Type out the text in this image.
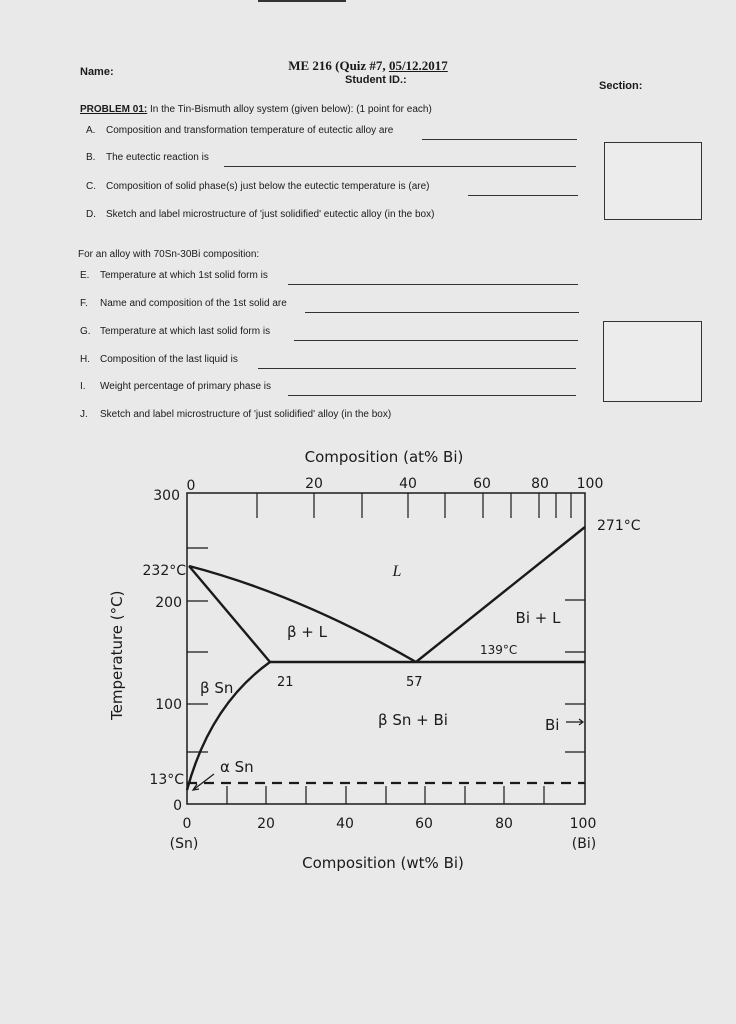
Name:	ME 216 (Quiz #7, 05/12.2017
Student ID.:	Section:
PROBLEM 01: In the Tin-Bismuth alloy system (given below): (1 point for each)
A. Composition and transformation temperature of eutectic alloy are
B. The eutectic reaction is
C. Composition of solid phase(s) just below the eutectic temperature is (are)
D. Sketch and label microstructure of 'just solidified' eutectic alloy (in the box)
For an alloy with 70Sn-30Bi composition:
E. Temperature at which 1st solid form is
F. Name and composition of the 1st solid are
G. Temperature at which last solid form is
H. Composition of the last liquid is
I. Weight percentage of primary phase is
J. Sketch and label microstructure of 'just solidified' alloy (in the box)
Composition (at% Bi)
0	20	40	60	80 100
300
200
100
0
232°C
13°C
271°C
139°C
21	57
L
β + L
Bi + L
β Sn
β Sn + Bi	Bi
α Sn
0	20	40	60	80	100
(Sn)	(Bi)
Composition (wt% Bi)
Temperature (°C)
